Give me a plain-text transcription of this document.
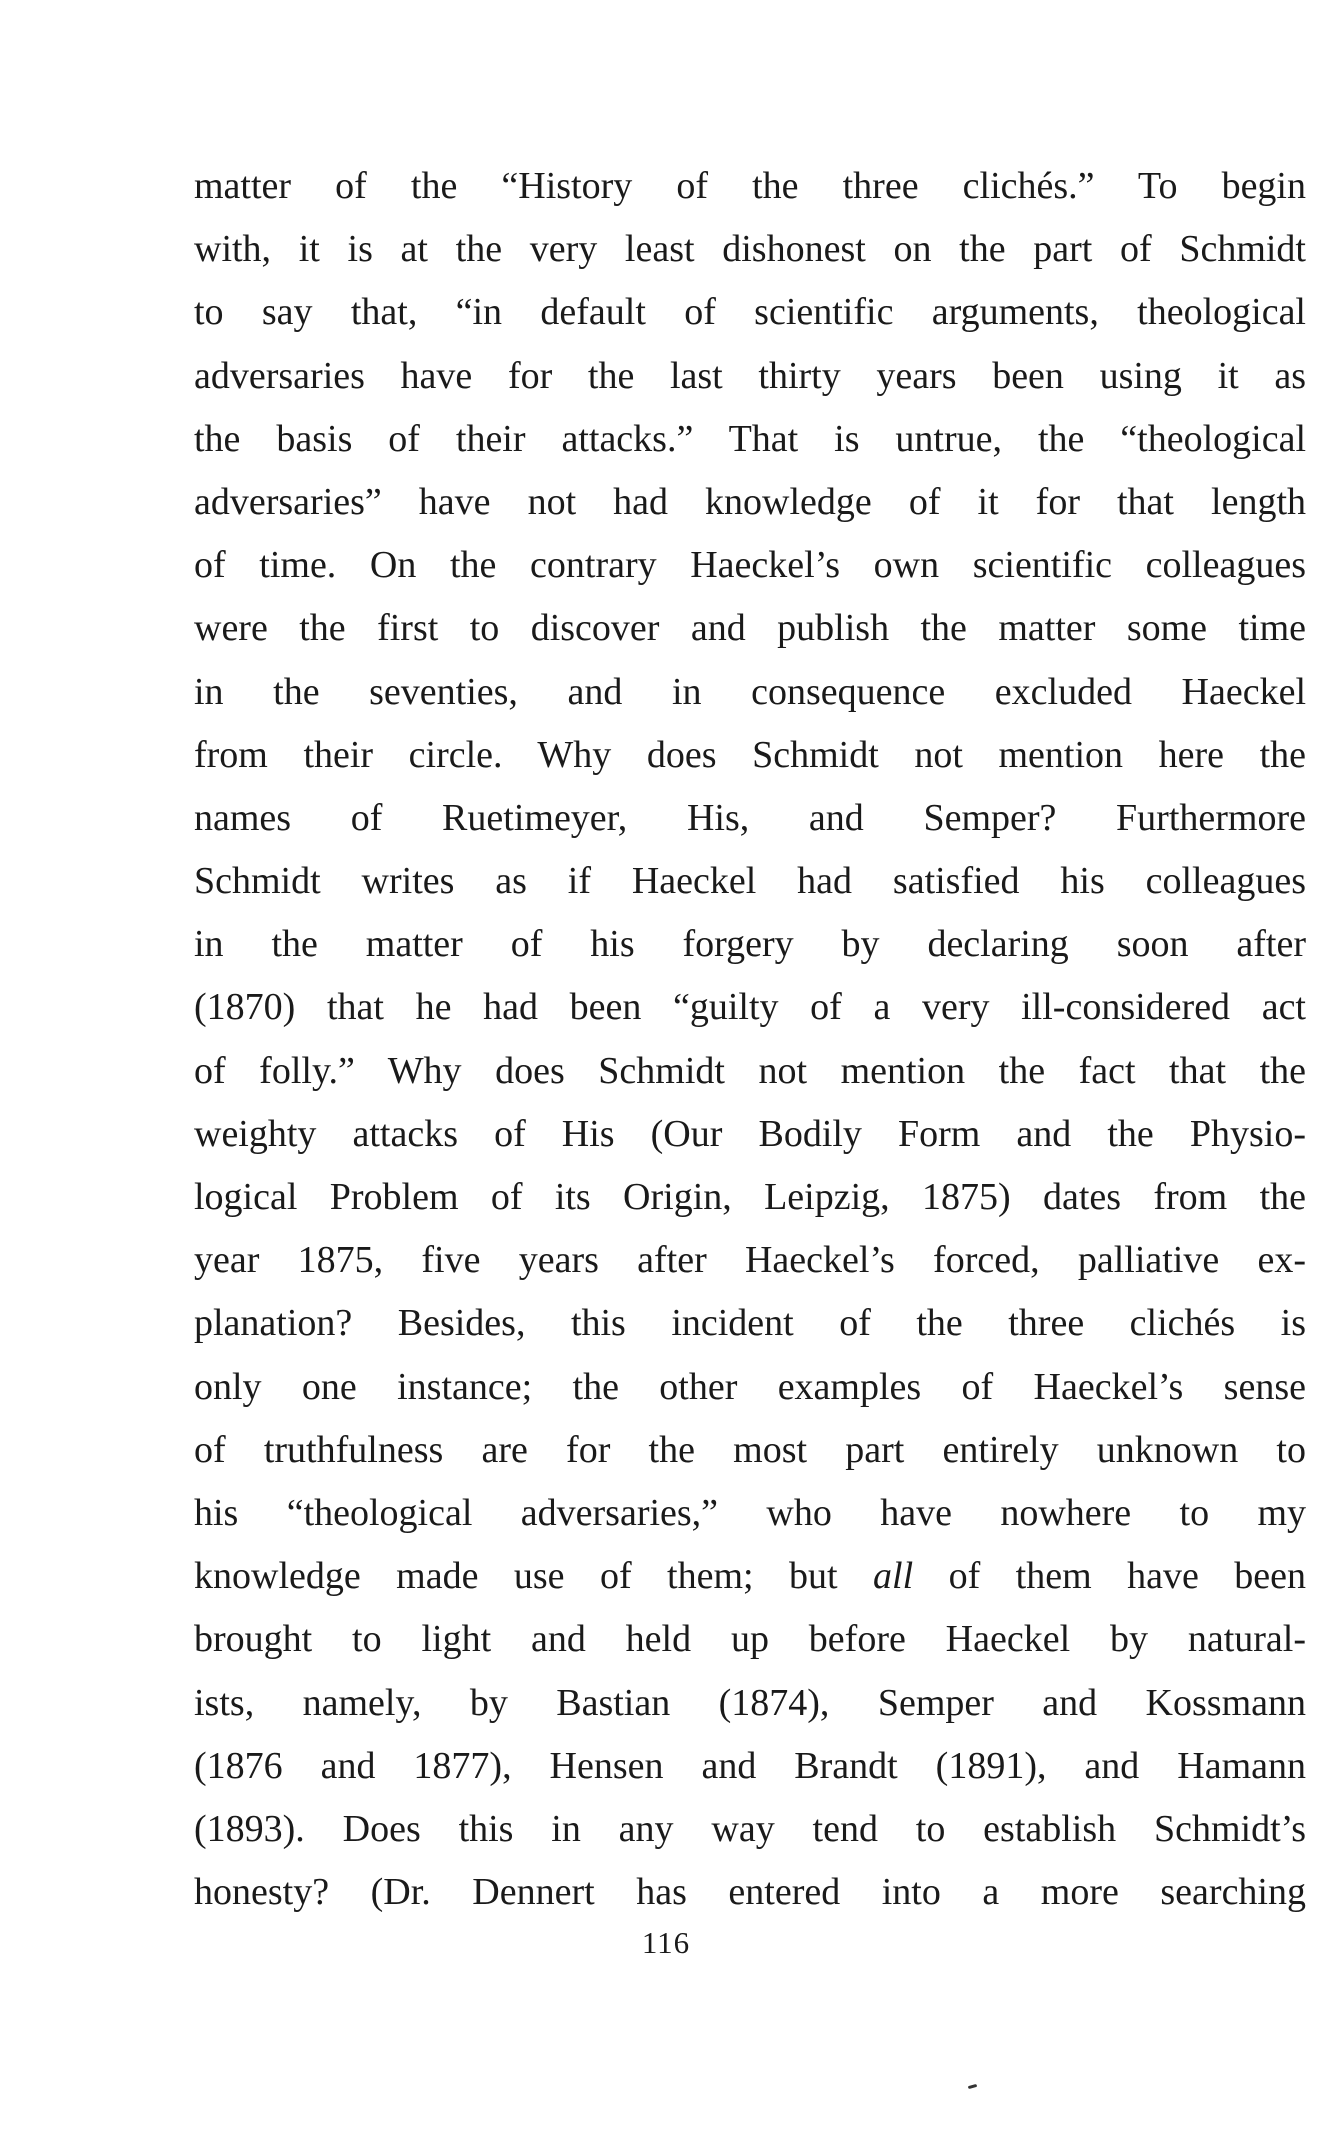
matter of the “History of the three clichés.” To begin
with, it is at the very least dishonest on the part of Schmidt
to say that, “in default of scientific arguments, theological
adversaries have for the last thirty years been using it as
the basis of their attacks.” That is untrue, the “theological
adversaries” have not had knowledge of it for that length
of time. On the contrary Haeckel’s own scientific colleagues
were the first to discover and publish the matter some time
in the seventies, and in consequence excluded Haeckel
from their circle. Why does Schmidt not mention here the
names of Ruetimeyer, His, and Semper? Furthermore
Schmidt writes as if Haeckel had satisfied his colleagues
in the matter of his forgery by declaring soon after
(1870) that he had been “guilty of a very ill-considered act
of folly.” Why does Schmidt not mention the fact that the
weighty attacks of His (Our Bodily Form and the Physio-
logical Problem of its Origin, Leipzig, 1875) dates from the
year 1875, five years after Haeckel’s forced, palliative ex-
planation? Besides, this incident of the three clichés is
only one instance; the other examples of Haeckel’s sense
of truthfulness are for the most part entirely unknown to
his “theological adversaries,” who have nowhere to my
knowledge made use of them; but all of them have been
brought to light and held up before Haeckel by natural-
ists, namely, by Bastian (1874), Semper and Kossmann
(1876 and 1877), Hensen and Brandt (1891), and Hamann
(1893). Does this in any way tend to establish Schmidt’s
honesty? (Dr. Dennert has entered into a more searching
116
